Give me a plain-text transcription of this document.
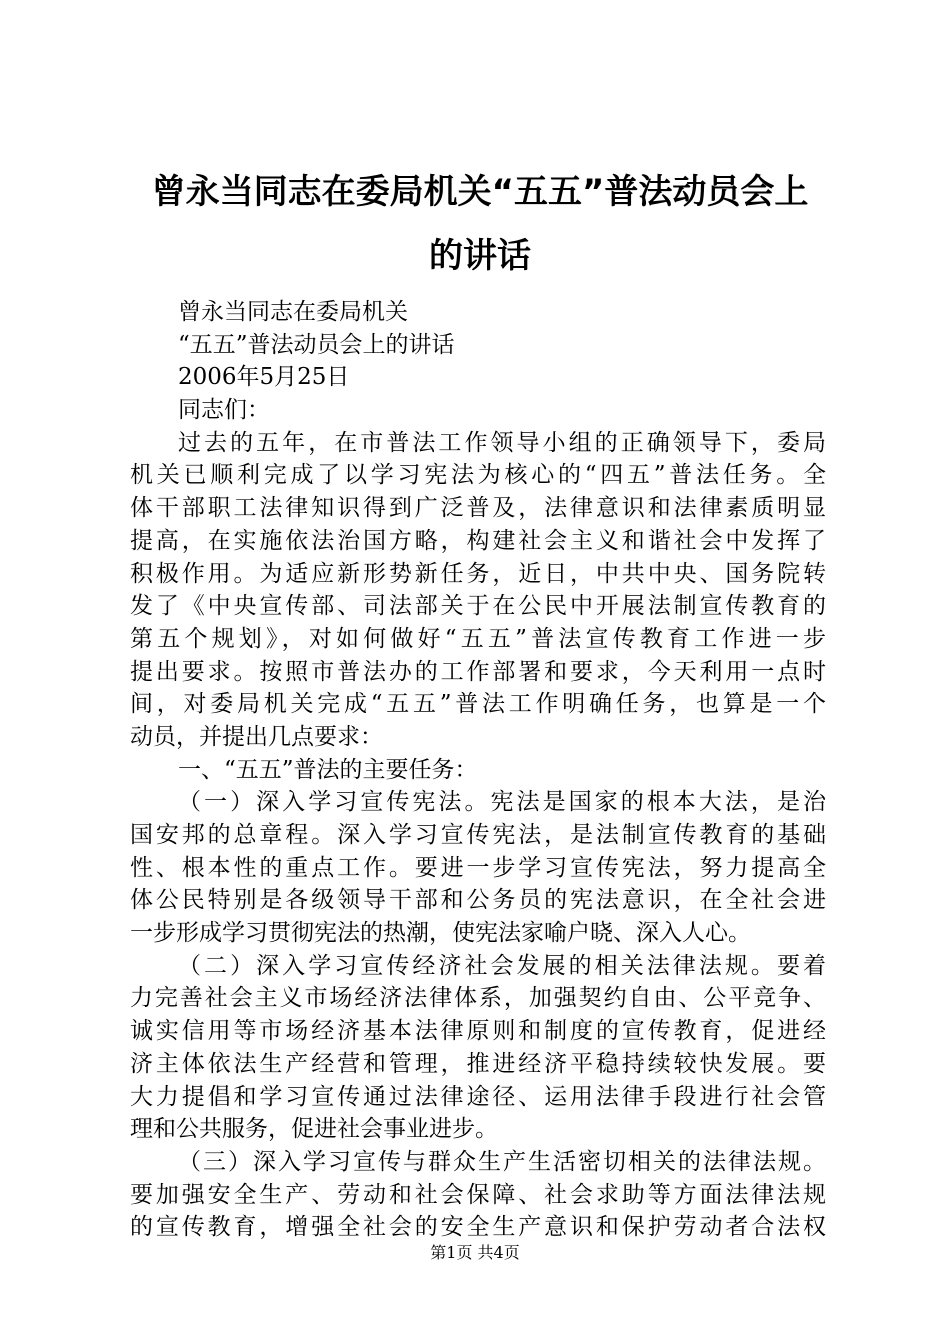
曾永当同志在委局机关“五五”普法动员会上
的讲话
曾永当同志在委局机关
“五五”普法动员会上的讲话
2006年5月25日
同志们：
过去的五年，在市普法工作领导小组的正确领导下，委局
机关已顺利完成了以学习宪法为核心的“四五”普法任务。全
体干部职工法律知识得到广泛普及，法律意识和法律素质明显
提高，在实施依法治国方略，构建社会主义和谐社会中发挥了
积极作用。为适应新形势新任务，近日，中共中央、国务院转
发了《中央宣传部、司法部关于在公民中开展法制宣传教育的
第五个规划》，对如何做好“五五”普法宣传教育工作进一步
提出要求。按照市普法办的工作部署和要求，今天利用一点时
间，对委局机关完成“五五”普法工作明确任务，也算是一个
动员，并提出几点要求：
一、“五五”普法的主要任务：
（一）深入学习宣传宪法。宪法是国家的根本大法，是治
国安邦的总章程。深入学习宣传宪法，是法制宣传教育的基础
性、根本性的重点工作。要进一步学习宣传宪法，努力提高全
体公民特别是各级领导干部和公务员的宪法意识，在全社会进
一步形成学习贯彻宪法的热潮，使宪法家喻户晓、深入人心。
（二）深入学习宣传经济社会发展的相关法律法规。要着
力完善社会主义市场经济法律体系，加强契约自由、公平竞争、
诚实信用等市场经济基本法律原则和制度的宣传教育，促进经
济主体依法生产经营和管理，推进经济平稳持续较快发展。要
大力提倡和学习宣传通过法律途径、运用法律手段进行社会管
理和公共服务，促进社会事业进步。
（三）深入学习宣传与群众生产生活密切相关的法律法规。
要加强安全生产、劳动和社会保障、社会求助等方面法律法规
的宣传教育，增强全社会的安全生产意识和保护劳动者合法权
第1页 共4页
